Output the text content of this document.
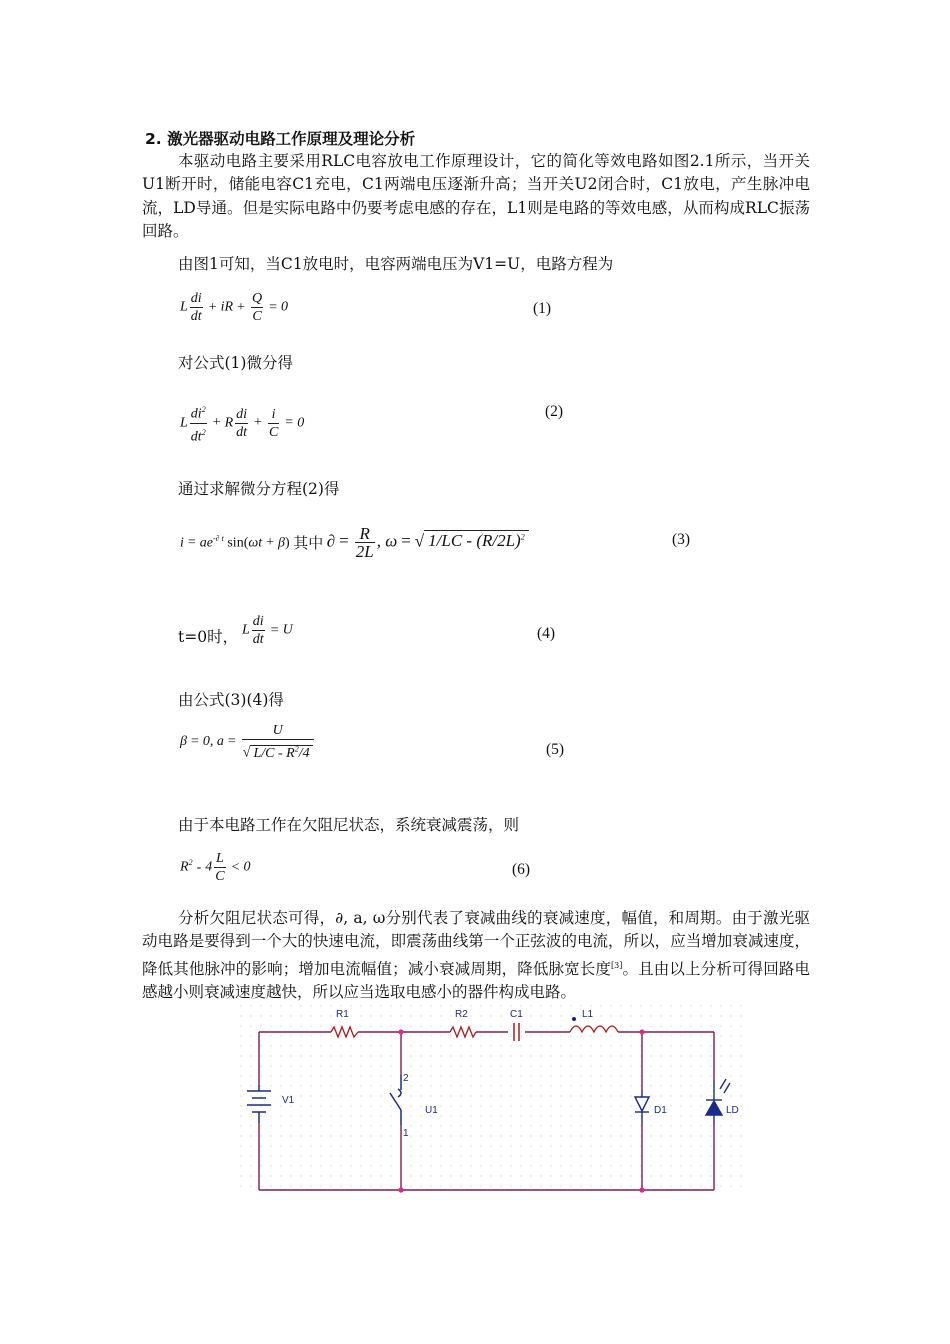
2. 激光器驱动电路工作原理及理论分析
本驱动电路主要采用RLC电容放电工作原理设计，它的简化等效电路如图2.1所示，当开关U1断开时，储能电容C1充电，C1两端电压逐渐升高；当开关U2闭合时，C1放电，产生脉冲电流，LD导通。但是实际电路中仍要考虑电感的存在，L1则是电路的等效电感，从而构成RLC振荡回路。
由图1可知，当C1放电时，电容两端电压为V1=U，电路方程为
L $\frac{di}{dt}$ + iR + $\frac{Q}{C} = 0$	(1)
对公式(1)微分得
L $\frac{di^2}{dt^2} + R \frac{di}{dt} + \frac{i}{C} = 0$
(2)
通过求解微分方程(2)得
$i = ae^{-\partial t}$ sin(ωt + β) 其中 ∂ = $\frac{R}{2L}$ , ω = √ $1/LC - (R/2L)^2$	(3)
t=0时， L $\frac{di}{dt} = U$	(4)
由公式(3)(4)得
β = 0, $a = \frac{U}{√ L/C - R^2/4}$	(5)
由于本电路工作在欠阻尼状态，系统衰减震荡，则
$R^2 - 4 \frac{L}{C} < 0$	(6)
分析欠阻尼状态可得，∂, a, ω分别代表了衰减曲线的衰减速度，幅值，和周期。由于激光驱动电路是要得到一个大的快速电流，即震荡曲线第一个正弦波的电流，所以，应当增加衰减速度，降低其他脉冲的影响；增加电流幅值；减小衰减周期，降低脉宽长度[3]。且由以上分析可得回路电感越小则衰减速度越快，所以应当选取电感小的器件构成电路。
R1	R2	C1	L1
V1
U1
2
1
D1	LD
